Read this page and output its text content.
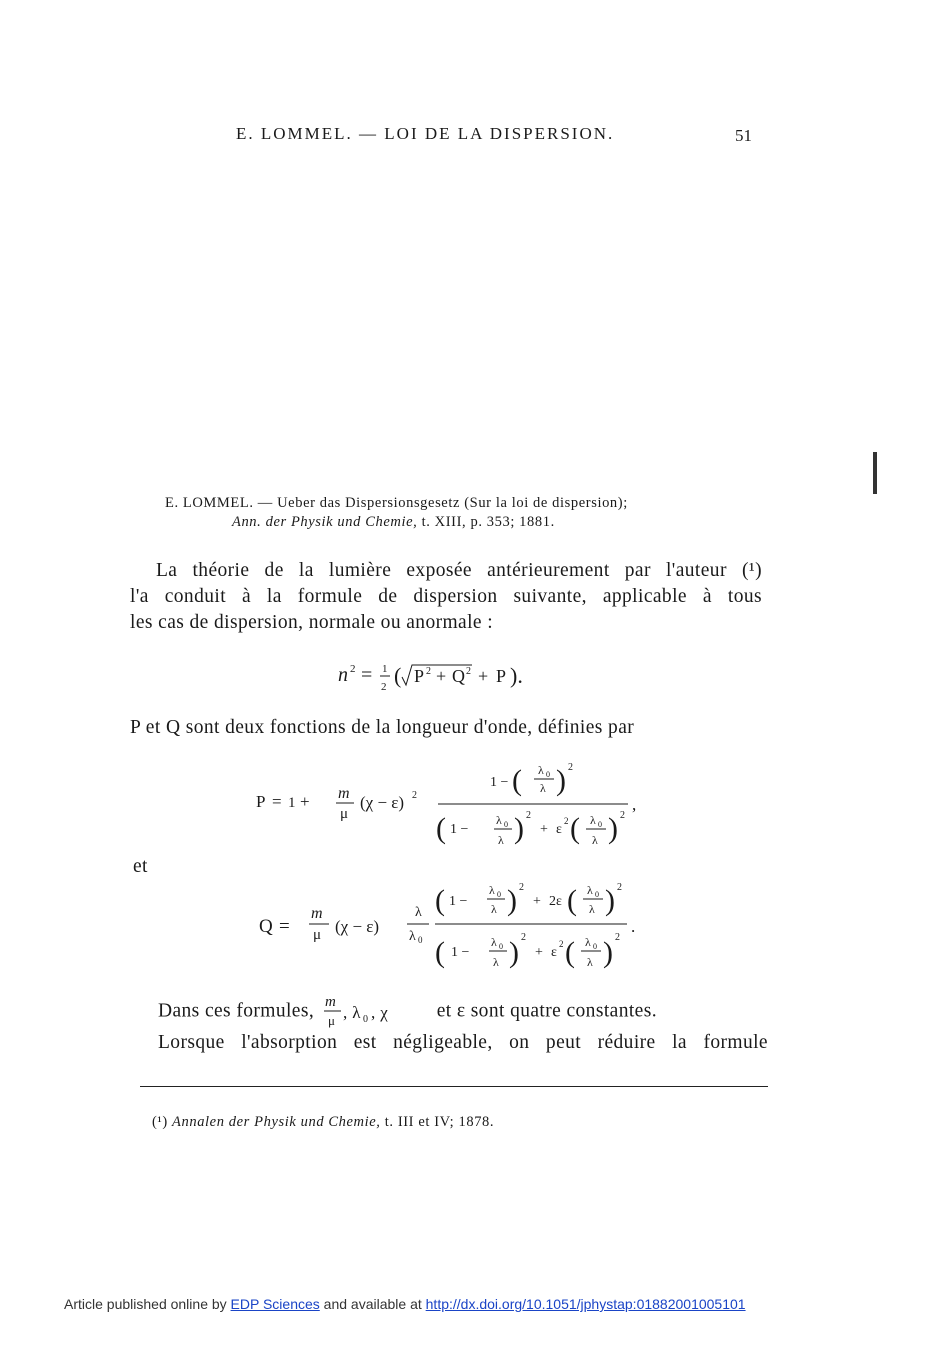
E. LOMMEL. — LOI DE LA DISPERSION.	51
E. LOMMEL. — Ueber das Dispersionsgesetz (Sur la loi de dispersion);
Ann. der Physik und Chemie, t. XIII, p. 353; 1881.
La théorie de la lumière exposée antérieurement par l'auteur (¹)
l'a conduit à la formule de dispersion suivante, applicable à tous
les cas de dispersion, normale ou anormale :
n 2 = 1
2 ( P 2 + Q 2 + P ).
P et Q sont deux fonctions de la longueur d'onde, définies par
P = 1 + m
μ
(χ − ε) 2
1 − ( λ 0
λ ) 2
( 1 −
λ 0
λ ) 2
+ ε
2 ( λ 0
λ ) 2
,
et
Q =
m
μ (χ − ε)
λ
λ 0
( 1 −
λ 0
λ ) 2
+ 2ε ( λ 0
λ ) 2
( 1 −
λ 0
λ ) 2
+ ε
2 ( λ 0
λ ) 2
.
Dans ces formules, m
μ , λ 0 , χ et ε sont quatre constantes.
Lorsque l'absorption est négligeable, on peut réduire la formule
(¹) Annalen der Physik und Chemie, t. III et IV; 1878.
Article published online by EDP Sciences and available at http://dx.doi.org/10.1051/jphystap:01882001005101
